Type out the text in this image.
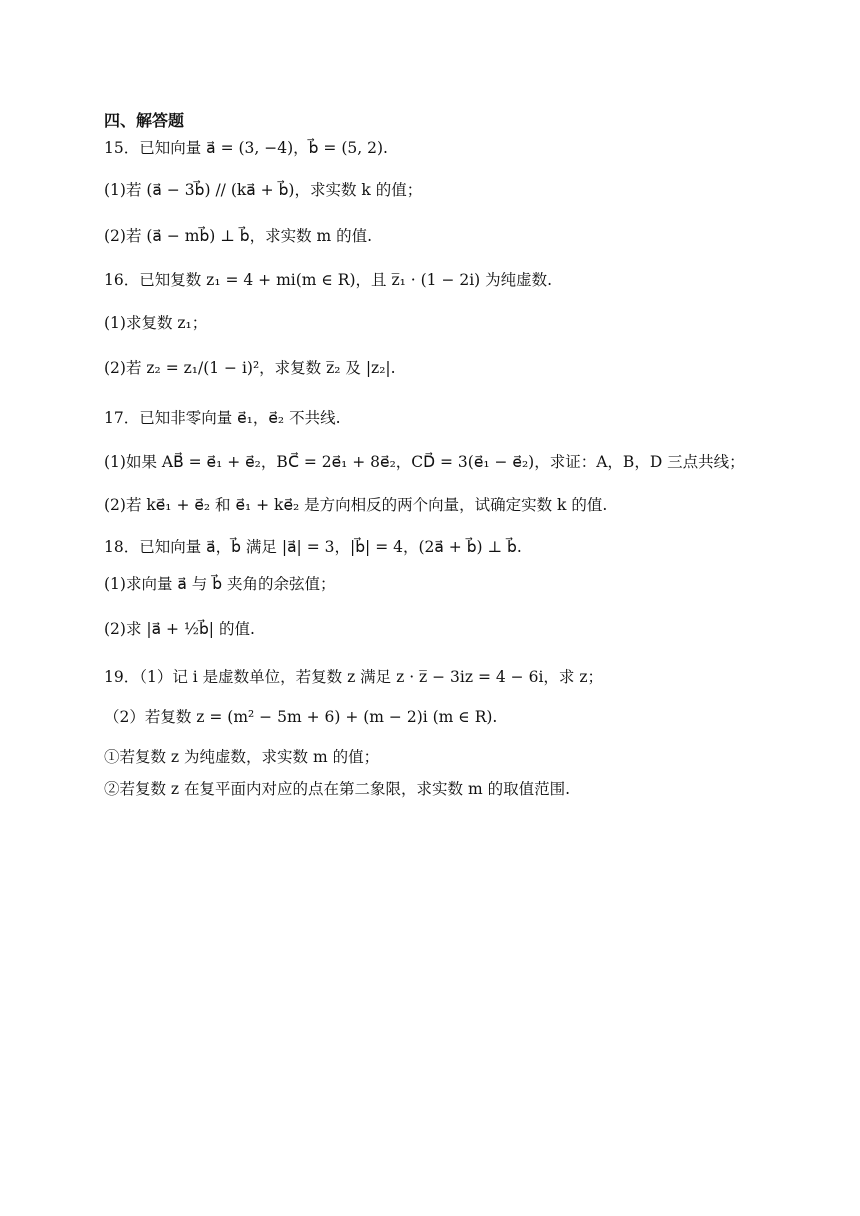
四、解答题
15．已知向量 a⃗ = (3, −4)，b⃗ = (5, 2).
(1)若 (a⃗ − 3b⃗) // (ka⃗ + b⃗)，求实数 k 的值；
(2)若 (a⃗ − mb⃗) ⊥ b⃗，求实数 m 的值.
16．已知复数 z₁ = 4 + mi(m ∈ R)，且 z̅₁ · (1 − 2i) 为纯虚数.
(1)求复数 z₁；
(2)若 z₂ = z₁/(1 − i)²，求复数 z̅₂ 及 |z₂|.
17．已知非零向量 e⃗₁，e⃗₂ 不共线.
(1)如果 AB⃗ = e⃗₁ + e⃗₂，BC⃗ = 2e⃗₁ + 8e⃗₂，CD⃗ = 3(e⃗₁ − e⃗₂)，求证：A，B，D 三点共线；
(2)若 ke⃗₁ + e⃗₂ 和 e⃗₁ + ke⃗₂ 是方向相反的两个向量，试确定实数 k 的值.
18．已知向量 a⃗，b⃗ 满足 |a⃗| = 3，|b⃗| = 4，(2a⃗ + b⃗) ⊥ b⃗.
(1)求向量 a⃗ 与 b⃗ 夹角的余弦值；
(2)求 |a⃗ + ½b⃗| 的值.
19．（1）记 i 是虚数单位，若复数 z 满足 z · z̅ − 3iz = 4 − 6i，求 z；
（2）若复数 z = (m² − 5m + 6) + (m − 2)i (m ∈ R).
①若复数 z 为纯虚数，求实数 m 的值；
②若复数 z 在复平面内对应的点在第二象限，求实数 m 的取值范围.
